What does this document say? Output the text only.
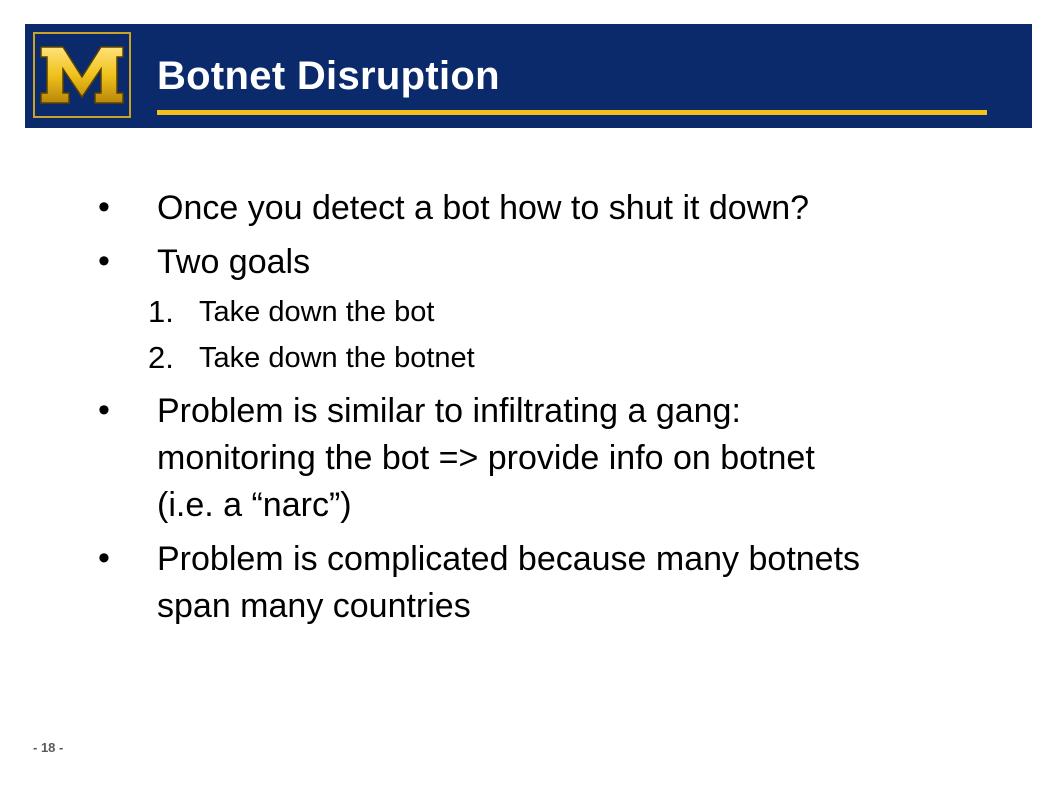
Botnet Disruption
• Once you detect a bot how to shut it down?
• Two goals
1. Take down the bot
2. Take down the botnet
• Problem is similar to infiltrating a gang:
monitoring the bot => provide info on botnet
(i.e. a “narc”)
• Problem is complicated because many botnets
span many countries
- 18 -
